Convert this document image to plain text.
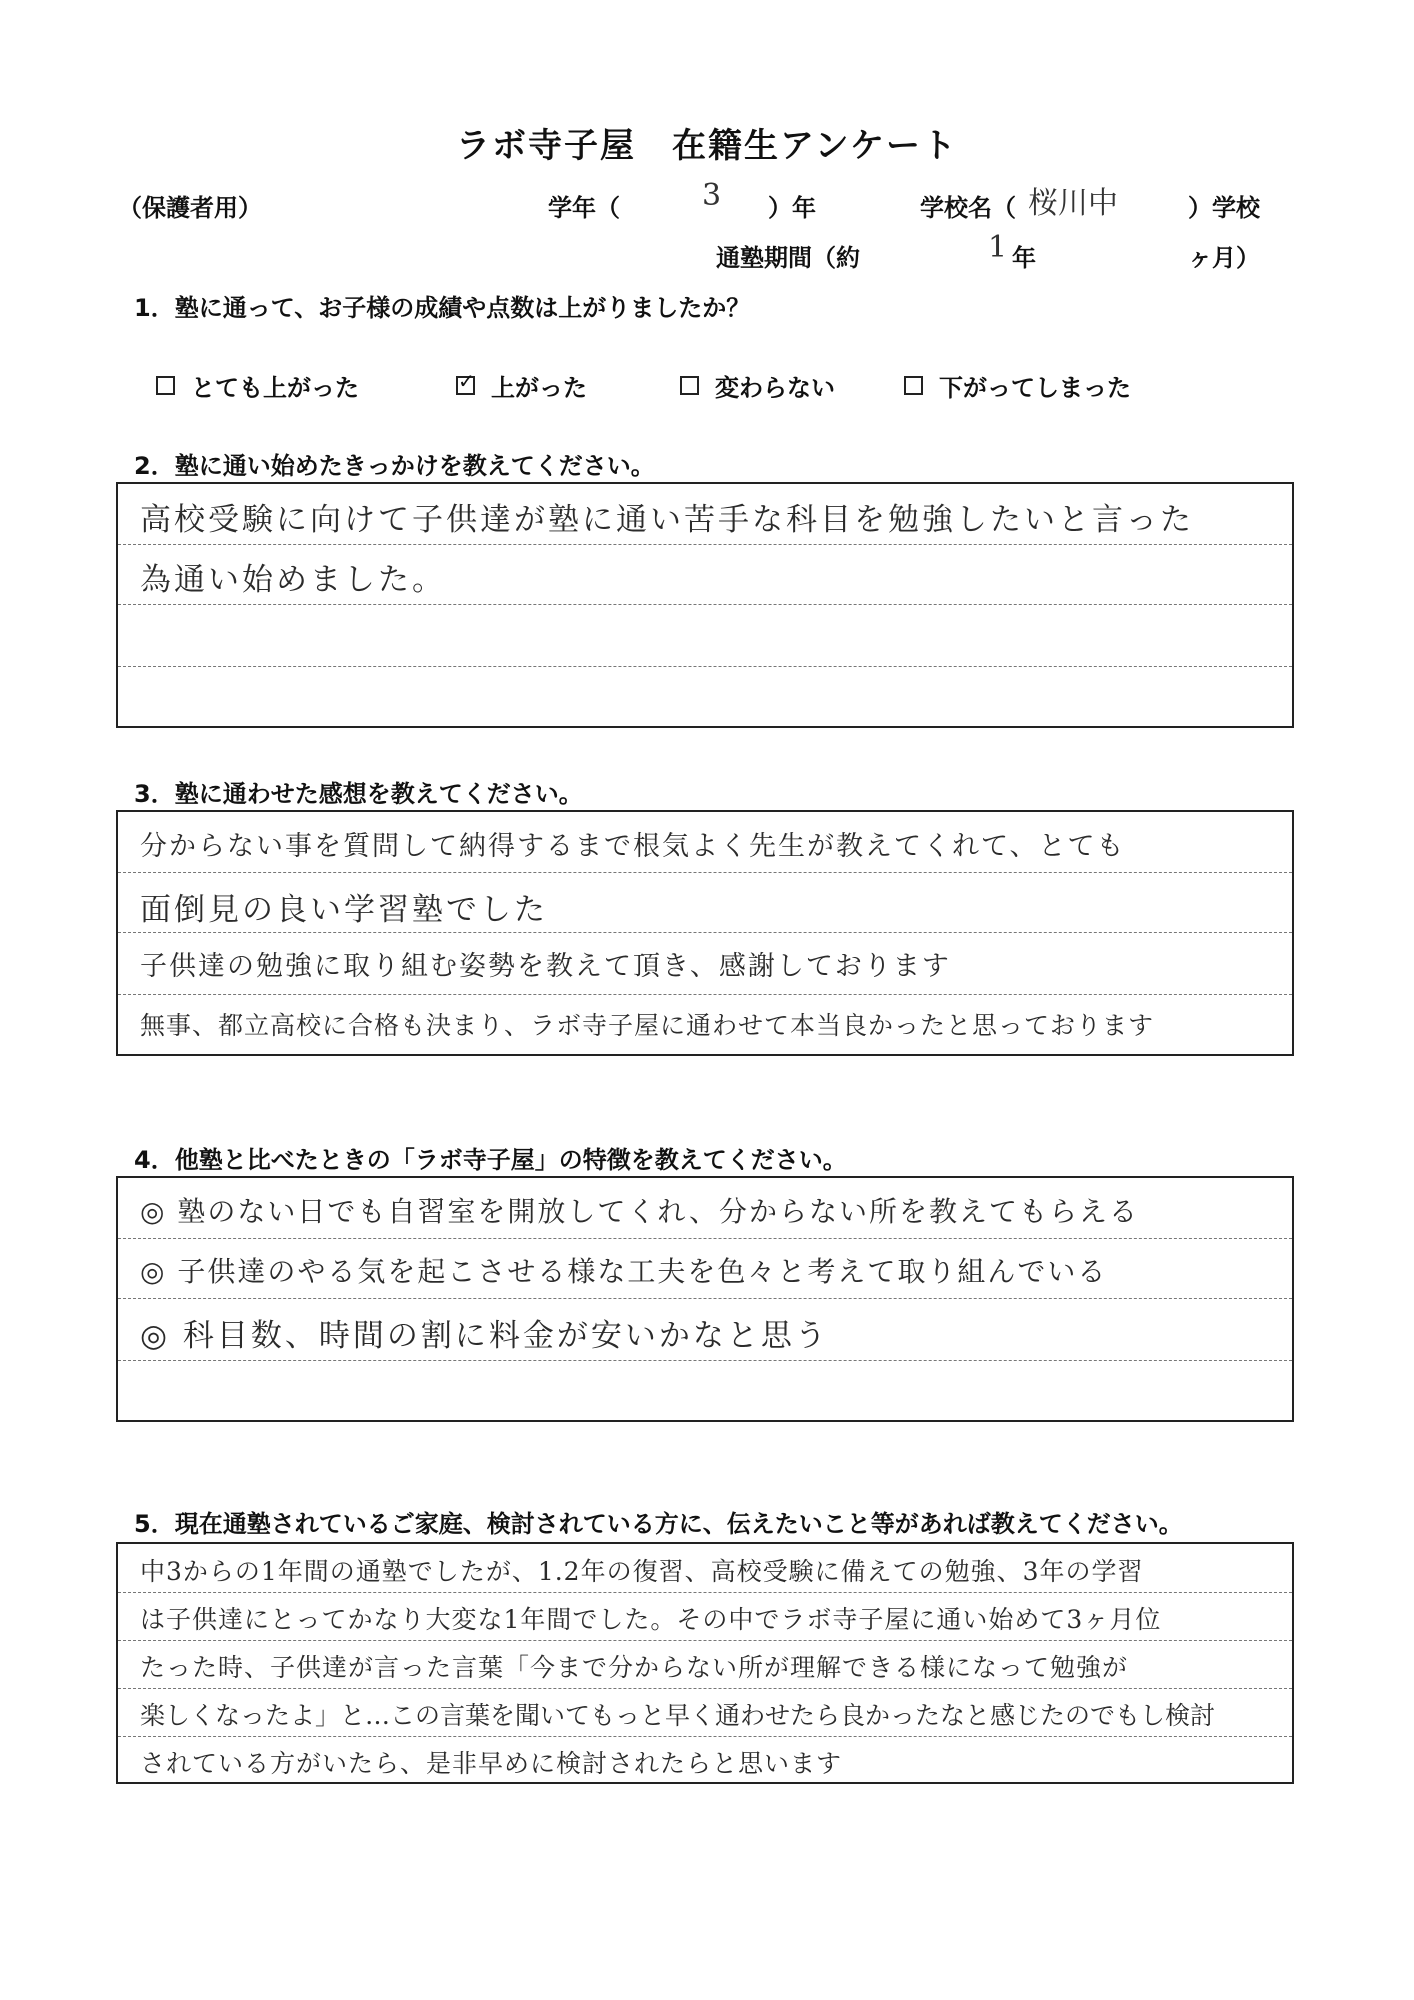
ラボ寺子屋　在籍生アンケート
（保護者用）	学年（	3 ）年	学校名（ 桜川中	）学校
通塾期間（約	1 年	ヶ月）
1．塾に通って、お子様の成績や点数は上がりましたか？
とても上がった
✓	上がった	変わらない	下がってしまった
2．塾に通い始めたきっかけを教えてください。
高校受験に向けて子供達が塾に通い苦手な科目を勉強したいと言った
為通い始めました。
3．塾に通わせた感想を教えてください。
分からない事を質問して納得するまで根気よく先生が教えてくれて、とても
面倒見の良い学習塾でした
子供達の勉強に取り組む姿勢を教えて頂き、感謝しております
無事、都立高校に合格も決まり、ラボ寺子屋に通わせて本当良かったと思っております
4．他塾と比べたときの「ラボ寺子屋」の特徴を教えてください。
◎ 塾のない日でも自習室を開放してくれ、分からない所を教えてもらえる
◎ 子供達のやる気を起こさせる様な工夫を色々と考えて取り組んでいる
◎ 科目数、時間の割に料金が安いかなと思う
5．現在通塾されているご家庭、検討されている方に、伝えたいこと等があれば教えてください。
中3からの1年間の通塾でしたが、1.2年の復習、高校受験に備えての勉強、3年の学習
は子供達にとってかなり大変な1年間でした。その中でラボ寺子屋に通い始めて3ヶ月位
たった時、子供達が言った言葉「今まで分からない所が理解できる様になって勉強が
楽しくなったよ」と…この言葉を聞いてもっと早く通わせたら良かったなと感じたのでもし検討
されている方がいたら、是非早めに検討されたらと思います
